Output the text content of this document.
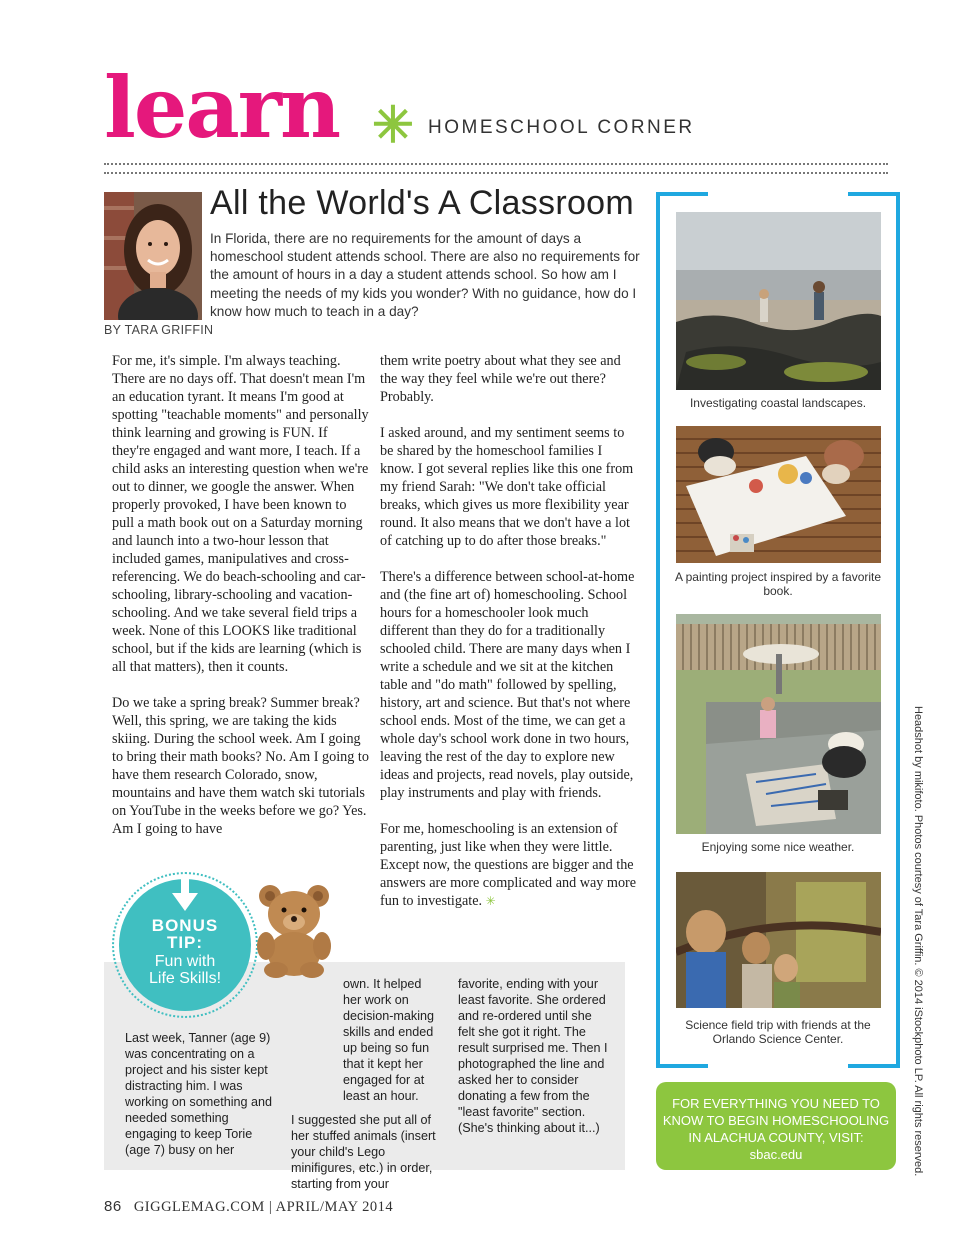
learn ✳ HOMESCHOOL CORNER
BY TARA GRIFFIN
All the World's A Classroom
In Florida, there are no requirements for the amount of days a homeschool student attends school. There are also no requirements for the amount of hours in a day a student attends school. So how am I meeting the needs of my kids you wonder? With no guidance, how do I know how much to teach in a day?

For me, it's simple. I'm always teaching. There are no days off. That doesn't mean I'm an education tyrant. It means I'm good at spotting "teachable moments" and personally think learning and growing is FUN. If they're engaged and want more, I teach. If a child asks an interesting question when we're out to dinner, we google the answer. When properly provoked, I have been known to pull a math book out on a Saturday morning and launch into a two-hour lesson that included games, manipulatives and cross-referencing. We do beach-schooling and car-schooling, library-schooling and vacation-schooling. And we take several field trips a week. None of this LOOKS like traditional school, but if the kids are learning (which is all that matters), then it counts.

Do we take a spring break? Summer break? Well, this spring, we are taking the kids skiing. During the school week. Am I going to bring their math books? No. Am I going to have them research Colorado, snow, mountains and have them watch ski tutorials on YouTube in the weeks before we go? Yes. Am I going to have

them write poetry about what they see and the way they feel while we're out there? Probably.

I asked around, and my sentiment seems to be shared by the homeschool families I know. I got several replies like this one from my friend Sarah: "We don't take official breaks, which gives us more flexibility year round. It also means that we don't have a lot of catching up to do after those breaks."

There's a difference between school-at-home and (the fine art of) homeschooling. School hours for a homeschooler look much different than they do for a traditionally schooled child. There are many days when I write a schedule and we sit at the kitchen table and "do math" followed by spelling, history, art and science. But that's not where school ends. Most of the time, we can get a whole day's school work done in two hours, leaving the rest of the day to explore new ideas and projects, read novels, play outside, play instruments and play with friends.

For me, homeschooling is an extension of parenting, just like when they were little. Except now, the questions are bigger and the answers are more complicated and way more fun to investigate. ✳

BONUS
TIP:
Fun with
Life Skills!
Last week, Tanner (age 9) was concentrating on a project and his sister kept distracting him. I was working on something and needed something engaging to keep Torie (age 7) busy on her

own. It helped her work on decision-making skills and ended up being so fun that it kept her engaged for at least an hour.

I suggested she put all of her stuffed animals (insert your child's Lego minifigures, etc.) in order, starting from your

favorite, ending with your least favorite. She ordered and re-ordered until she felt she got it right. The result surprised me. Then I photographed the line and asked her to consider donating a few from the "least favorite" section. (She's thinking about it...)
Investigating coastal landscapes.
A painting project inspired by a favorite book.
Enjoying some nice weather.
Science field trip with friends at the Orlando Science Center.
FOR EVERYTHING YOU NEED TO
KNOW TO BEGIN HOMESCHOOLING
IN ALACHUA COUNTY, VISIT:
sbac.edu	Headshot by mikifoto. Photos courtesy of Tara Griffin. © 2014 iStockphoto LP. All rights reserved.
86 GIGGLEMAG.COM | APRIL/MAY 2014
